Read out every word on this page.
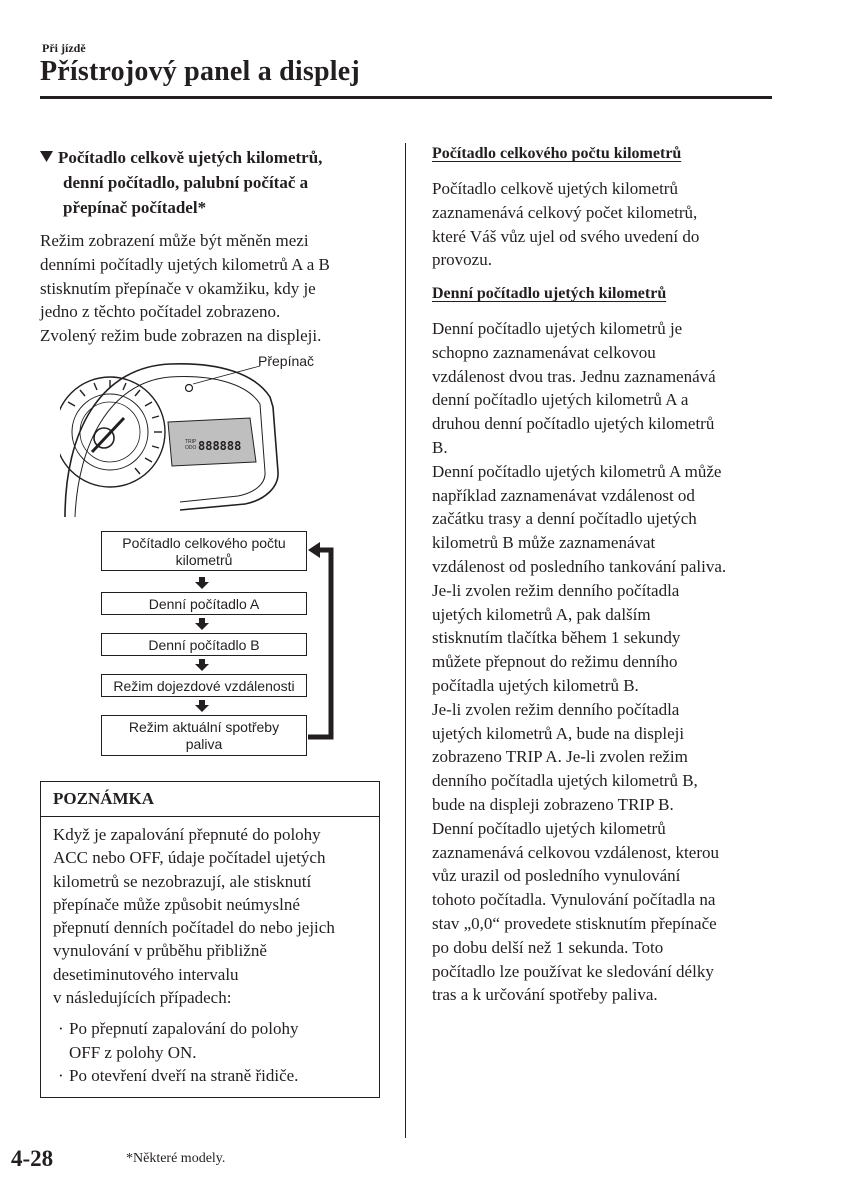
Při jízdě
Přístrojový panel a displej
Počítadlo celkově ujetých kilometrů,
denní počítadlo, palubní počítač a
přepínač počítadel*
Režim zobrazení může být měněn mezi
denními počítadly ujetých kilometrů A a B
stisknutím přepínače v okamžiku, kdy je
jedno z těchto počítadel zobrazeno.
Zvolený režim bude zobrazen na displeji.
TRIP
ODO 888888
Přepínač
Počítadlo celkového počtu
kilometrů
Denní počítadlo A
Denní počítadlo B
Režim dojezdové vzdálenosti
Režim aktuální spotřeby
paliva
POZNÁMKA
Když je zapalování přepnuté do polohy
ACC nebo OFF, údaje počítadel ujetých
kilometrů se nezobrazují, ale stisknutí
přepínače může způsobit neúmyslné
přepnutí denních počítadel do nebo jejich
vynulování v průběhu přibližně
desetiminutového intervalu
v následujících případech:
· Po přepnutí zapalování do polohy
OFF z polohy ON.
· Po otevření dveří na straně řidiče.
Počítadlo celkového počtu kilometrů
Počítadlo celkově ujetých kilometrů
zaznamenává celkový počet kilometrů,
které Váš vůz ujel od svého uvedení do
provozu.
Denní počítadlo ujetých kilometrů
Denní počítadlo ujetých kilometrů je
schopno zaznamenávat celkovou
vzdálenost dvou tras. Jednu zaznamenává
denní počítadlo ujetých kilometrů A a
druhou denní počítadlo ujetých kilometrů
B.
Denní počítadlo ujetých kilometrů A může
například zaznamenávat vzdálenost od
začátku trasy a denní počítadlo ujetých
kilometrů B může zaznamenávat
vzdálenost od posledního tankování paliva.
Je-li zvolen režim denního počítadla
ujetých kilometrů A, pak dalším
stisknutím tlačítka během 1 sekundy
můžete přepnout do režimu denního
počítadla ujetých kilometrů B.
Je-li zvolen režim denního počítadla
ujetých kilometrů A, bude na displeji
zobrazeno TRIP A. Je-li zvolen režim
denního počítadla ujetých kilometrů B,
bude na displeji zobrazeno TRIP B.
Denní počítadlo ujetých kilometrů
zaznamenává celkovou vzdálenost, kterou
vůz urazil od posledního vynulování
tohoto počítadla. Vynulování počítadla na
stav „0,0“ provedete stisknutím přepínače
po dobu delší než 1 sekunda. Toto
počítadlo lze používat ke sledování délky
tras a k určování spotřeby paliva.
4-28	*Některé modely.
